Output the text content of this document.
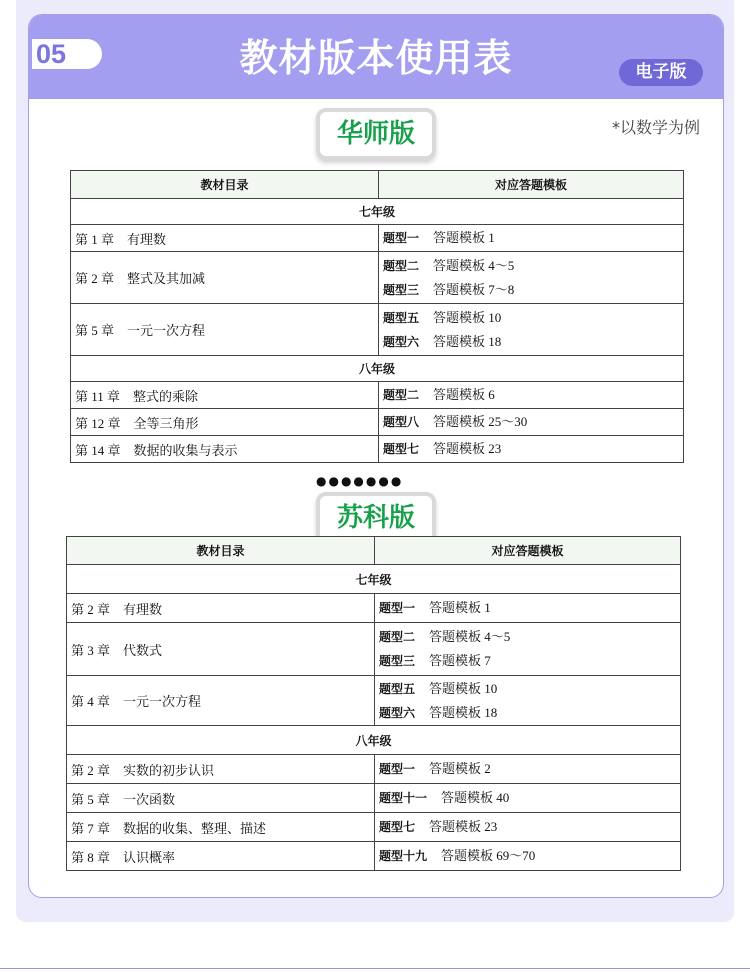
05	教材版本使用表	电子版
*以数学为例
华师版
●●●●●●●
苏科版
教材目录	对应答题模板
七年级	
第 1 章　有理数	题型一 答题模板 1

第 2 章　整式及其加减	题型二 答题模板 4～5
题型三 答题模板 7～8

第 5 章　一元一次方程	题型五 答题模板 10
题型六 答题模板 18

八年级	
第 11 章　整式的乘除	题型二 答题模板 6

第 12 章　全等三角形	题型八 答题模板 25～30

第 14 章　数据的收集与表示	题型七 答题模板 23
教材目录	对应答题模板
七年级	
第 2 章　有理数	题型一 答题模板 1

第 3 章　代数式	题型二 答题模板 4～5
题型三 答题模板 7

第 4 章　一元一次方程	题型五 答题模板 10
题型六 答题模板 18

八年级	
第 2 章　实数的初步认识	题型一 答题模板 2

第 5 章　一次函数	题型十一 答题模板 40

第 7 章　数据的收集、整理、描述	题型七 答题模板 23

第 8 章　认识概率	题型十九 答题模板 69～70
